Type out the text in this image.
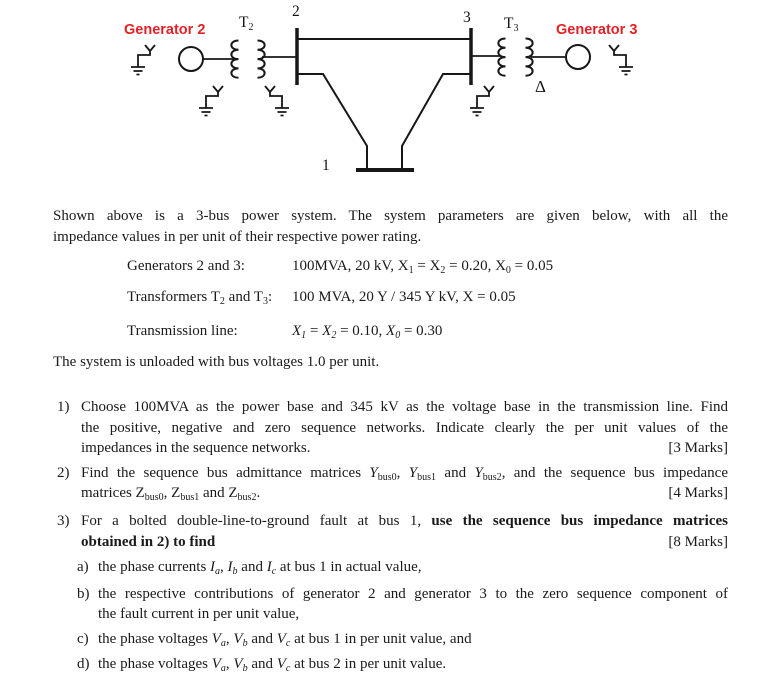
Generator 2	Generator 3
$T_2$	$T_3$
2	3
1
Δ
Shown above is a 3-bus power system. The system parameters are given below, with all the
impedance values in per unit of their respective power rating.
Generators 2 and 3:	100MVA, 20 kV, $X_1 = X_2 = 0.20$, $X_0 = 0.05$
Transformers $T_2$ and $T_3$:	100 MVA, 20 Y / 345 Y kV, X = 0.05
Transmission line:	$X_1 = X_2 = 0.10$, $X_0 = 0.30$
The system is unloaded with bus voltages 1.0 per unit.
1) Choose 100MVA as the power base and 345 kV as the voltage base in the transmission line. Find
the positive, negative and zero sequence networks. Indicate clearly the per unit values of the
impedances in the sequence networks.	[3 Marks]
2) Find the sequence bus admittance matrices $Y_{bus0}$, $Y_{bus1}$ and $Y_{bus2}$, and the sequence bus impedance
matrices $Z_{bus0}$, $Z_{bus1}$ and $Z_{bus2}$.	[4 Marks]
3) For a bolted double-line-to-ground fault at bus 1, use the sequence bus impedance matrices
obtained in 2) to find	[8 Marks]
a) the phase currents $I_a$, $I_b$ and $I_c$ at bus 1 in actual value,
b) the respective contributions of generator 2 and generator 3 to the zero sequence component of
the fault current in per unit value,
c) the phase voltages $V_a$, $V_b$ and $V_c$ at bus 1 in per unit value, and
d) the phase voltages $V_a$, $V_b$ and $V_c$ at bus 2 in per unit value.
